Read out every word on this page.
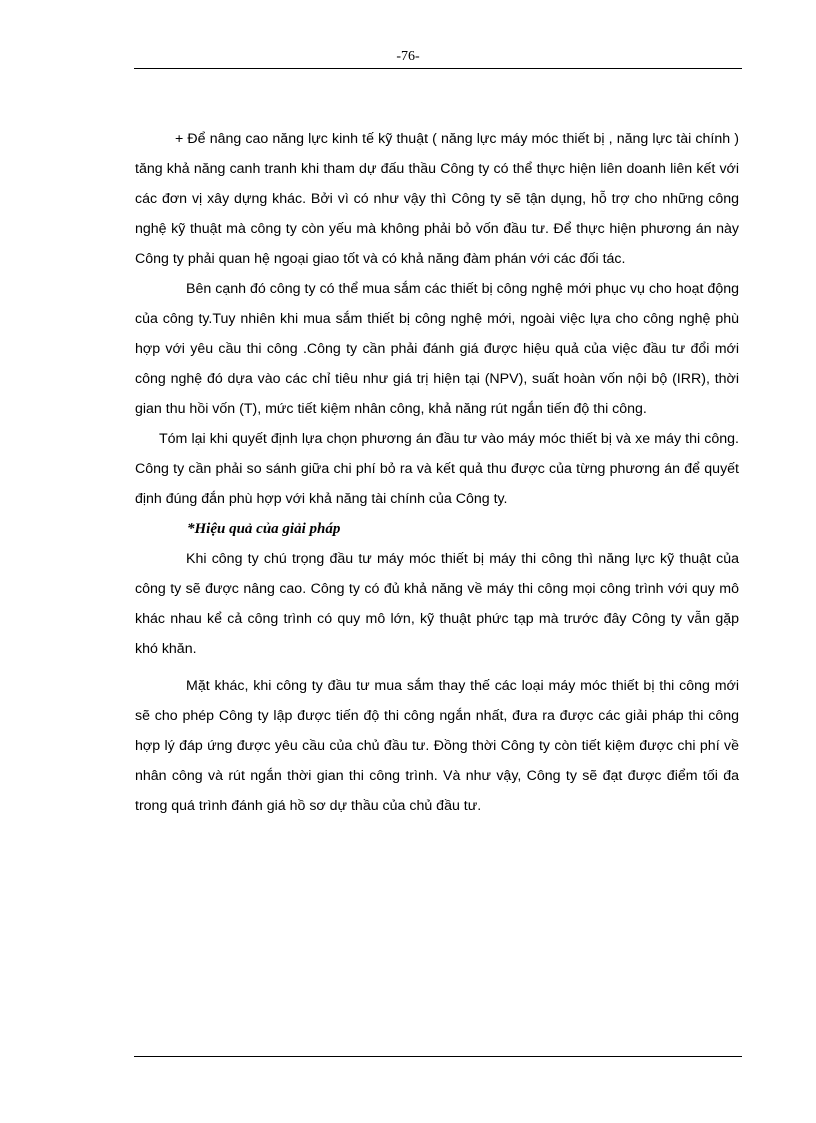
-76-

+ Để nâng cao năng lực kinh tế kỹ thuật ( năng lực máy móc thiết bị , năng lực tài chính ) tăng khả năng canh tranh khi tham dự đấu thầu Công ty có thể thực hiện liên doanh liên kết với các đơn vị xây dựng khác. Bởi vì có như vậy thì Công ty sẽ tận dụng, hỗ trợ cho những công nghệ kỹ thuật mà công ty còn yếu mà không phải bỏ vốn đầu tư. Để thực hiện phương án này Công ty phải quan hệ ngoại giao tốt và có khả năng đàm phán với các đối tác.

Bên cạnh đó công ty có thể mua sắm các thiết bị công nghệ mới phục vụ cho hoạt động của công ty.Tuy nhiên khi mua sắm thiết bị công nghệ mới, ngoài việc lựa cho công nghệ phù hợp với yêu cầu thi công .Công ty cần phải đánh giá được hiệu quả của việc đầu tư đổi mới công nghệ đó dựa vào các chỉ tiêu như giá trị hiện tại (NPV), suất hoàn vốn nội bộ (IRR), thời gian thu hồi vốn (T), mức tiết kiệm nhân công, khả năng rút ngắn tiến độ thi công.

Tóm lại khi quyết định lựa chọn phương án đầu tư vào máy móc thiết bị và xe máy thi công. Công ty cần phải so sánh giữa chi phí bỏ ra và kết quả thu được của từng phương án để quyết định đúng đắn phù hợp với khả năng tài chính của Công ty.

*Hiệu quả của giải pháp

Khi công ty chú trọng đầu tư máy móc thiết bị máy thi công thì năng lực kỹ thuật của công ty sẽ được nâng cao. Công ty có đủ khả năng về máy thi công mọi công trình với quy mô khác nhau kể cả công trình có quy mô lớn, kỹ thuật phức tạp mà trước đây Công ty vẫn gặp khó khăn.

Mặt khác, khi công ty đầu tư mua sắm thay thế các loại máy móc thiết bị thi công mới sẽ cho phép Công ty lập được tiến độ thi công ngắn nhất, đưa ra được các giải pháp thi công hợp lý đáp ứng được yêu cầu của chủ đầu tư. Đồng thời Công ty còn tiết kiệm được chi phí về nhân công và rút ngắn thời gian thi công trình. Và như vậy, Công ty sẽ đạt được điểm tối đa trong quá trình đánh giá hồ sơ dự thầu của chủ đầu tư.
